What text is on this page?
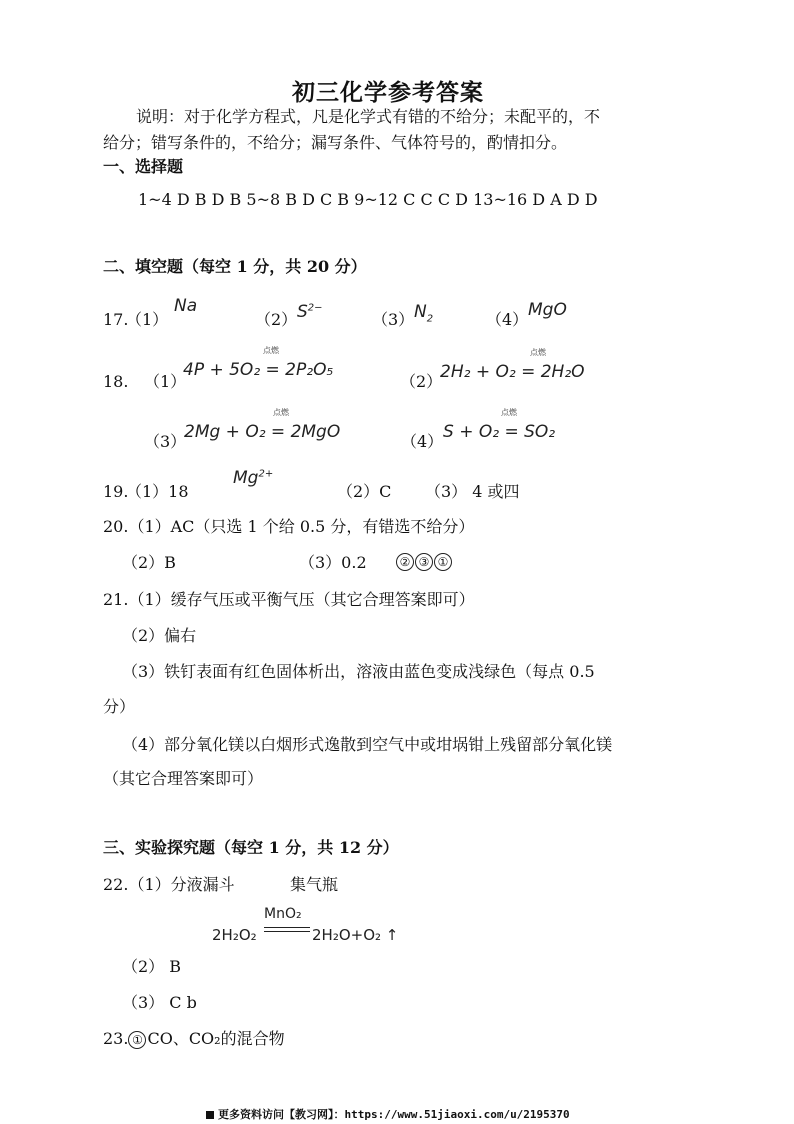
初三化学参考答案
说明：对于化学方程式，凡是化学式有错的不给分；未配平的，不
给分；错写条件的，不给分；漏写条件、气体符号的，酌情扣分。
一、选择题
1~4 D B D B 5~8 B D C B 9~12 C C C D 13~16 D A D D
二、填空题（每空 1 分，共 20 分）
17.
（1）
Na
（2） $S^{2-}$
（3） $N_2$	（4） MgO
18. （1）
4P + 5O₂ = 2P₂O₅
点燃
（2）
2H₂ + O₂ = 2H₂O
点燃
（3）
2Mg + O₂ = 2MgO
点燃
（4） S + O₂ = SO₂
点燃
19.
（1）18
$Mg^{2+}$
（2）C （3） 4 或四
20.（1）AC（只选 1 个给 0.5 分，有错选不给分）
（2）B	（3）0.2	② ③ ①
21.（1）缓存气压或平衡气压（其它合理答案即可）
（2）偏右
（3）铁钉表面有红色固体析出，溶液由蓝色变成浅绿色（每点 0.5
分）
（4）部分氧化镁以白烟形式逸散到空气中或坩埚钳上残留部分氧化镁
（其它合理答案即可）
三、实验探究题（每空 1 分，共 12 分）
22.（1）分液漏斗	集气瓶
2H₂O₂
MnO₂
2H₂O+O₂ ↑
（2） B
（3） C b
23. ① CO、CO₂的混合物
更多资料访问【教习网】：https://www.51jiaoxi.com/u/2195370
